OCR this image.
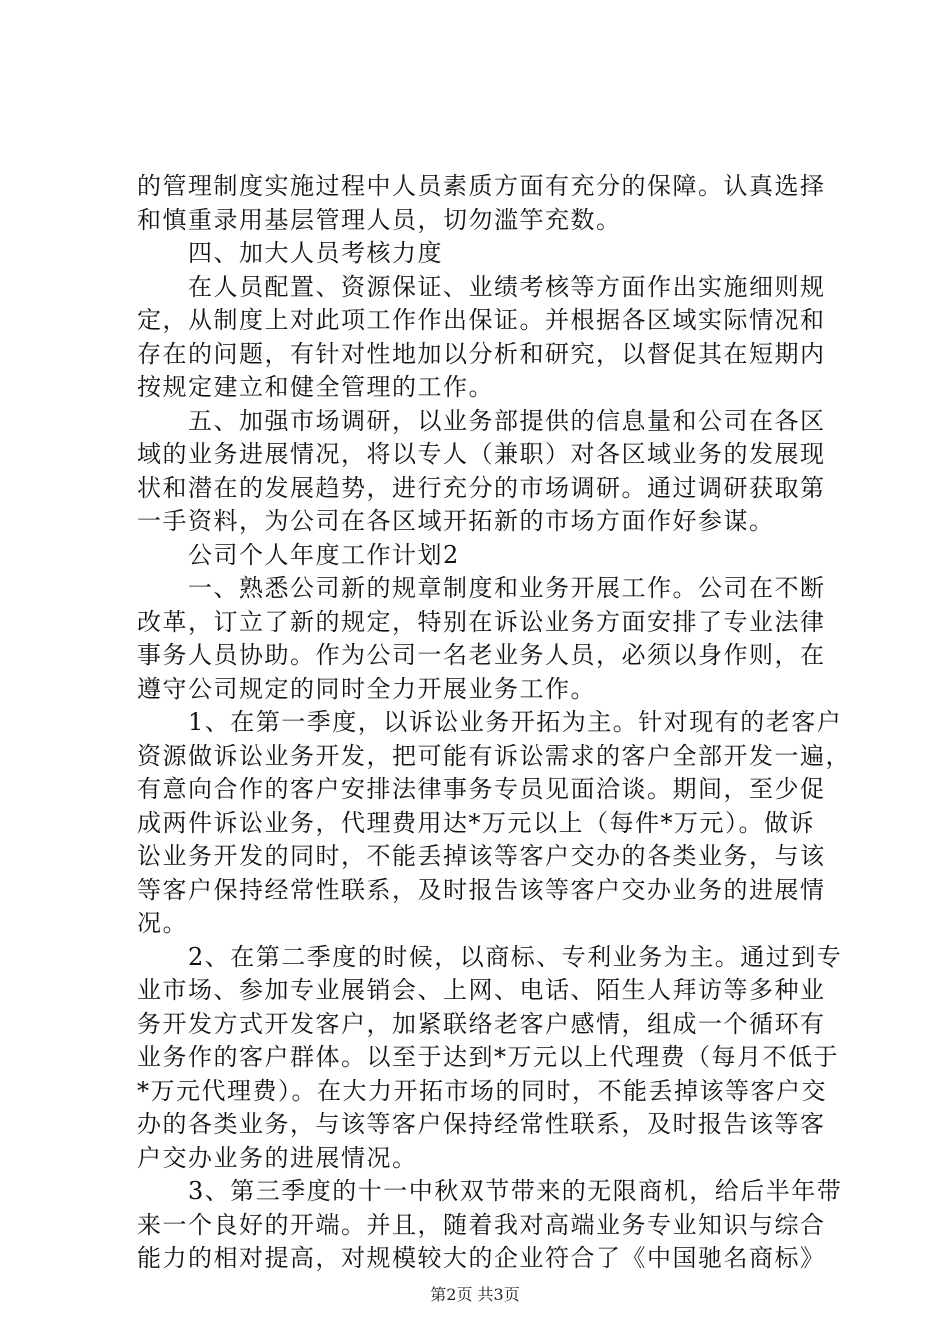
的管理制度实施过程中人员素质方面有充分的保障。认真选择
和慎重录用基层管理人员，切勿滥竽充数。
　　四、加大人员考核力度
　　在人员配置、资源保证、业绩考核等方面作出实施细则规
定，从制度上对此项工作作出保证。并根据各区域实际情况和
存在的问题，有针对性地加以分析和研究，以督促其在短期内
按规定建立和健全管理的工作。
　　五、加强市场调研，以业务部提供的信息量和公司在各区
域的业务进展情况，将以专人（兼职）对各区域业务的发展现
状和潜在的发展趋势，进行充分的市场调研。通过调研获取第
一手资料，为公司在各区域开拓新的市场方面作好参谋。
　　公司个人年度工作计划2
　　一、熟悉公司新的规章制度和业务开展工作。公司在不断
改革，订立了新的规定，特别在诉讼业务方面安排了专业法律
事务人员协助。作为公司一名老业务人员，必须以身作则，在
遵守公司规定的同时全力开展业务工作。
　　1、在第一季度，以诉讼业务开拓为主。针对现有的老客户
资源做诉讼业务开发，把可能有诉讼需求的客户全部开发一遍，
有意向合作的客户安排法律事务专员见面洽谈。期间，至少促
成两件诉讼业务，代理费用达*万元以上（每件*万元）。做诉
讼业务开发的同时，不能丢掉该等客户交办的各类业务，与该
等客户保持经常性联系，及时报告该等客户交办业务的进展情
况。
　　2、在第二季度的时候，以商标、专利业务为主。通过到专
业市场、参加专业展销会、上网、电话、陌生人拜访等多种业
务开发方式开发客户，加紧联络老客户感情，组成一个循环有
业务作的客户群体。以至于达到*万元以上代理费（每月不低于
*万元代理费）。在大力开拓市场的同时，不能丢掉该等客户交
办的各类业务，与该等客户保持经常性联系，及时报告该等客
户交办业务的进展情况。
　　3、第三季度的十一中秋双节带来的无限商机，给后半年带
来一个良好的开端。并且，随着我对高端业务专业知识与综合
能力的相对提高，对规模较大的企业符合了《中国驰名商标》
第2页 共3页
